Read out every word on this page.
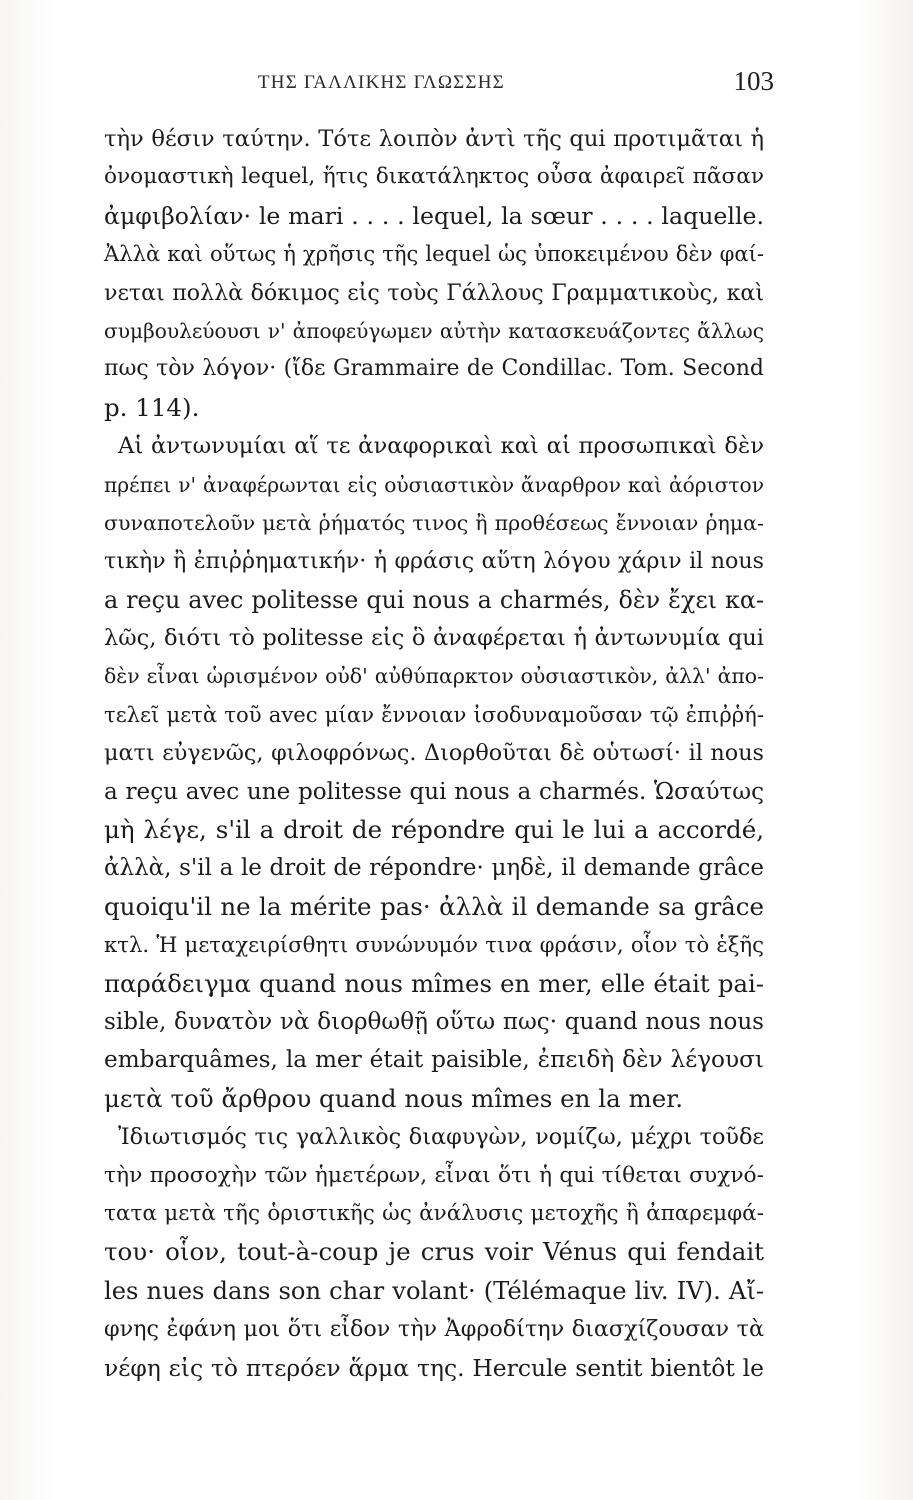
ΤΗΣ ΓΑΛΛΙΚΗΣ ΓΛΩΣΣΗΣ	103
τὴν θέσιν ταύτην. Τότε λοιπὸν ἀντὶ τῆς qui προτιμᾶται ἡ
ὀνομαστικὴ lequel, ἥτις δικατάληκτος οὖσα ἀφαιρεῖ πᾶσαν
ἀμφιβολίαν· le mari . . . . lequel, la sœur . . . . laquelle.
Ἀλλὰ καὶ οὕτως ἡ χρῆσις τῆς lequel ὡς ὑποκειμένου δὲν φαί-
νεται πολλὰ δόκιμος εἰς τοὺς Γάλλους Γραμματικοὺς, καὶ
συμβουλεύουσι ν' ἀποφεύγωμεν αὐτὴν κατασκευάζοντες ἄλλως
πως τὸν λόγον· (ἴδε Grammaire de Condillac. Tom. Second
p. 114).
Αἱ ἀντωνυμίαι αἵ τε ἀναφορικαὶ καὶ αἱ προσωπικαὶ δὲν
πρέπει ν' ἀναφέρωνται εἰς οὐσιαστικὸν ἄναρθρον καὶ ἀόριστον
συναποτελοῦν μετὰ ῥήματός τινος ἢ προθέσεως ἔννοιαν ῥημα-
τικὴν ἢ ἐπιῤῥηματικήν· ἡ φράσις αὕτη λόγου χάριν il nous
a reçu avec politesse qui nous a charmés, δὲν ἔχει κα-
λῶς, διότι τὸ politesse εἰς ὃ ἀναφέρεται ἡ ἀντωνυμία qui
δὲν εἶναι ὡρισμένον οὐδ' αὐθύπαρκτον οὐσιαστικὸν, ἀλλ' ἀπο-
τελεῖ μετὰ τοῦ avec μίαν ἔννοιαν ἰσοδυναμοῦσαν τῷ ἐπιῤῥή-
ματι εὐγενῶς, φιλοφρόνως. Διορθοῦται δὲ οὑτωσί· il nous
a reçu avec une politesse qui nous a charmés. Ὡσαύτως
μὴ λέγε, s'il a droit de répondre qui le lui a accordé,
ἀλλὰ, s'il a le droit de répondre· μηδὲ, il demande grâce
quoiqu'il ne la mérite pas· ἀλλὰ il demande sa grâce
κτλ. Ἡ μεταχειρίσθητι συνώνυμόν τινα φράσιν, οἷον τὸ ἑξῆς
παράδειγμα quand nous mîmes en mer, elle était pai-
sible, δυνατὸν νὰ διορθωθῇ οὕτω πως· quand nous nous
embarquâmes, la mer était paisible, ἐπειδὴ δὲν λέγουσι
μετὰ τοῦ ἄρθρου quand nous mîmes en la mer.
Ἰδιωτισμός τις γαλλικὸς διαφυγὼν, νομίζω, μέχρι τοῦδε
τὴν προσοχὴν τῶν ἡμετέρων, εἶναι ὅτι ἡ qui τίθεται συχνό-
τατα μετὰ τῆς ὁριστικῆς ὡς ἀνάλυσις μετοχῆς ἢ ἀπαρεμφά-
του· οἷον, tout-à-coup je crus voir Vénus qui fendait
les nues dans son char volant· (Télémaque liv. IV). Αἴ-
φνης ἐφάνη μοι ὅτι εἶδον τὴν Ἀφροδίτην διασχίζουσαν τὰ
νέφη εἰς τὸ πτερόεν ἅρμα της. Hercule sentit bientôt le
